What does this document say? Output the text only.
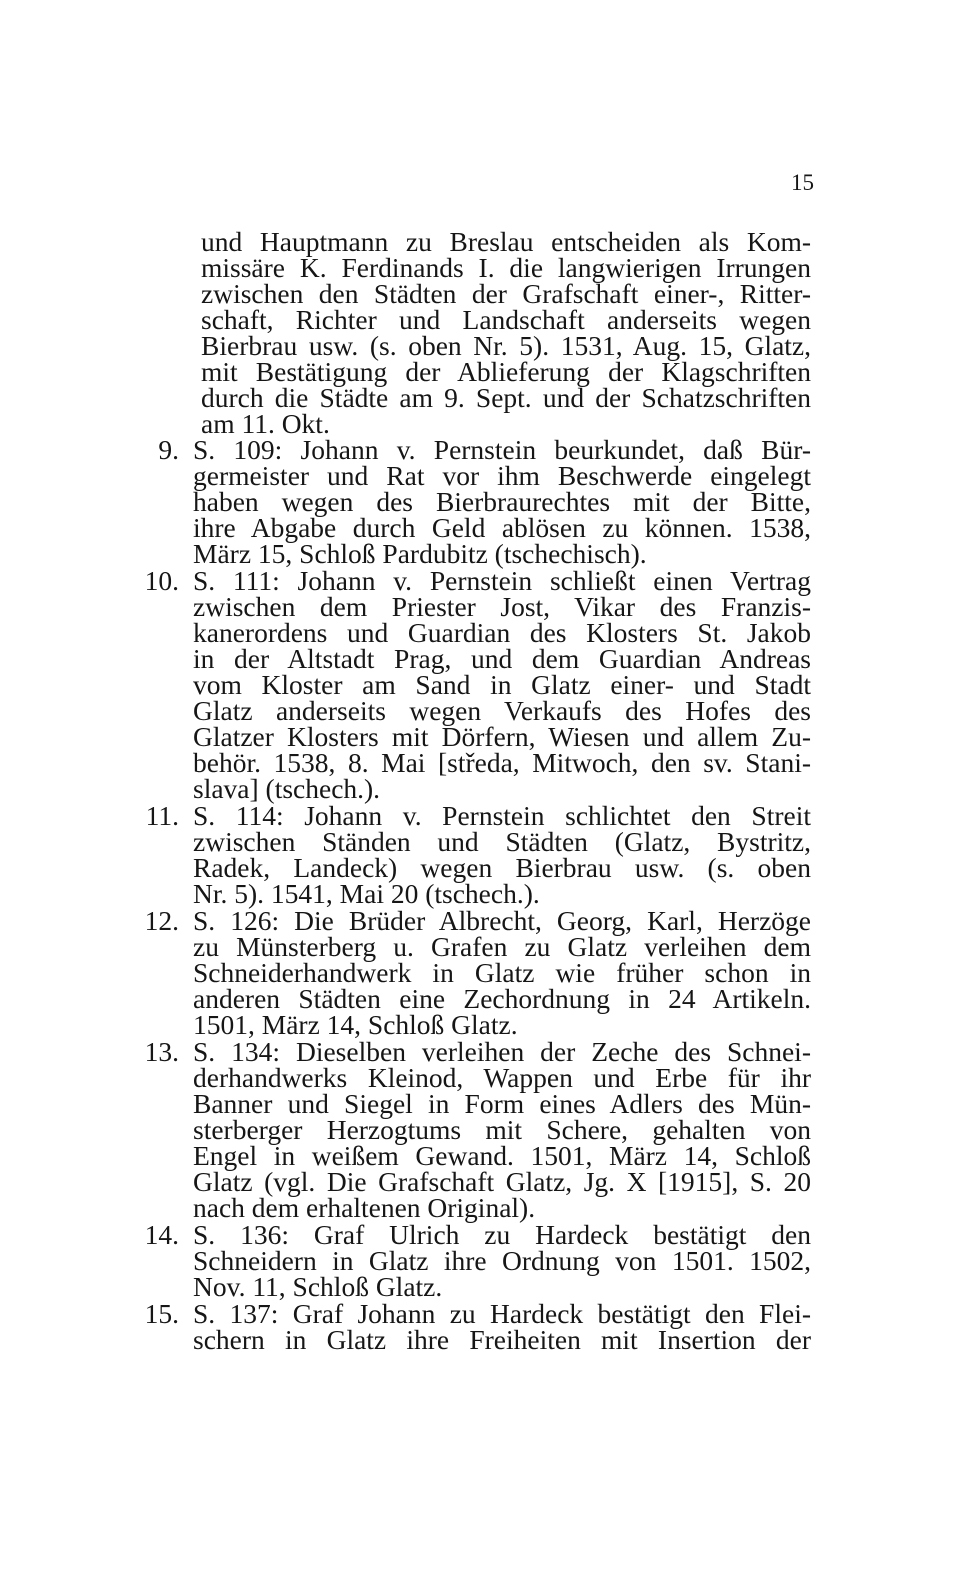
15
und Hauptmann zu Breslau entscheiden als Kom-
missäre K. Ferdinands I. die langwierigen Irrungen
zwischen den Städten der Grafschaft einer-, Ritter-
schaft, Richter und Landschaft anderseits wegen
Bierbrau usw. (s. oben Nr. 5). 1531, Aug. 15, Glatz,
mit Bestätigung der Ablieferung der Klagschriften
durch die Städte am 9. Sept. und der Schatzschriften
am 11. Okt.
9. S. 109: Johann v. Pernstein beurkundet, daß Bür-
germeister und Rat vor ihm Beschwerde eingelegt
haben wegen des Bierbraurechtes mit der Bitte,
ihre Abgabe durch Geld ablösen zu können. 1538,
März 15, Schloß Pardubitz (tschechisch).
10. S. 111: Johann v. Pernstein schließt einen Vertrag
zwischen dem Priester Jost, Vikar des Franzis-
kanerordens und Guardian des Klosters St. Jakob
in der Altstadt Prag, und dem Guardian Andreas
vom Kloster am Sand in Glatz einer- und Stadt
Glatz anderseits wegen Verkaufs des Hofes des
Glatzer Klosters mit Dörfern, Wiesen und allem Zu-
behör. 1538, 8. Mai [středa, Mitwoch, den sv. Stani-
slava] (tschech.).
11. S. 114: Johann v. Pernstein schlichtet den Streit
zwischen Ständen und Städten (Glatz, Bystritz,
Radek, Landeck) wegen Bierbrau usw. (s. oben
Nr. 5). 1541, Mai 20 (tschech.).
12. S. 126: Die Brüder Albrecht, Georg, Karl, Herzöge
zu Münsterberg u. Grafen zu Glatz verleihen dem
Schneiderhandwerk in Glatz wie früher schon in
anderen Städten eine Zechordnung in 24 Artikeln.
1501, März 14, Schloß Glatz.
13. S. 134: Dieselben verleihen der Zeche des Schnei-
derhandwerks Kleinod, Wappen und Erbe für ihr
Banner und Siegel in Form eines Adlers des Mün-
sterberger Herzogtums mit Schere, gehalten von
Engel in weißem Gewand. 1501, März 14, Schloß
Glatz (vgl. Die Grafschaft Glatz, Jg. X [1915], S. 20
nach dem erhaltenen Original).
14. S. 136: Graf Ulrich zu Hardeck bestätigt den
Schneidern in Glatz ihre Ordnung von 1501. 1502,
Nov. 11, Schloß Glatz.
15. S. 137: Graf Johann zu Hardeck bestätigt den Flei-
schern in Glatz ihre Freiheiten mit Insertion der
